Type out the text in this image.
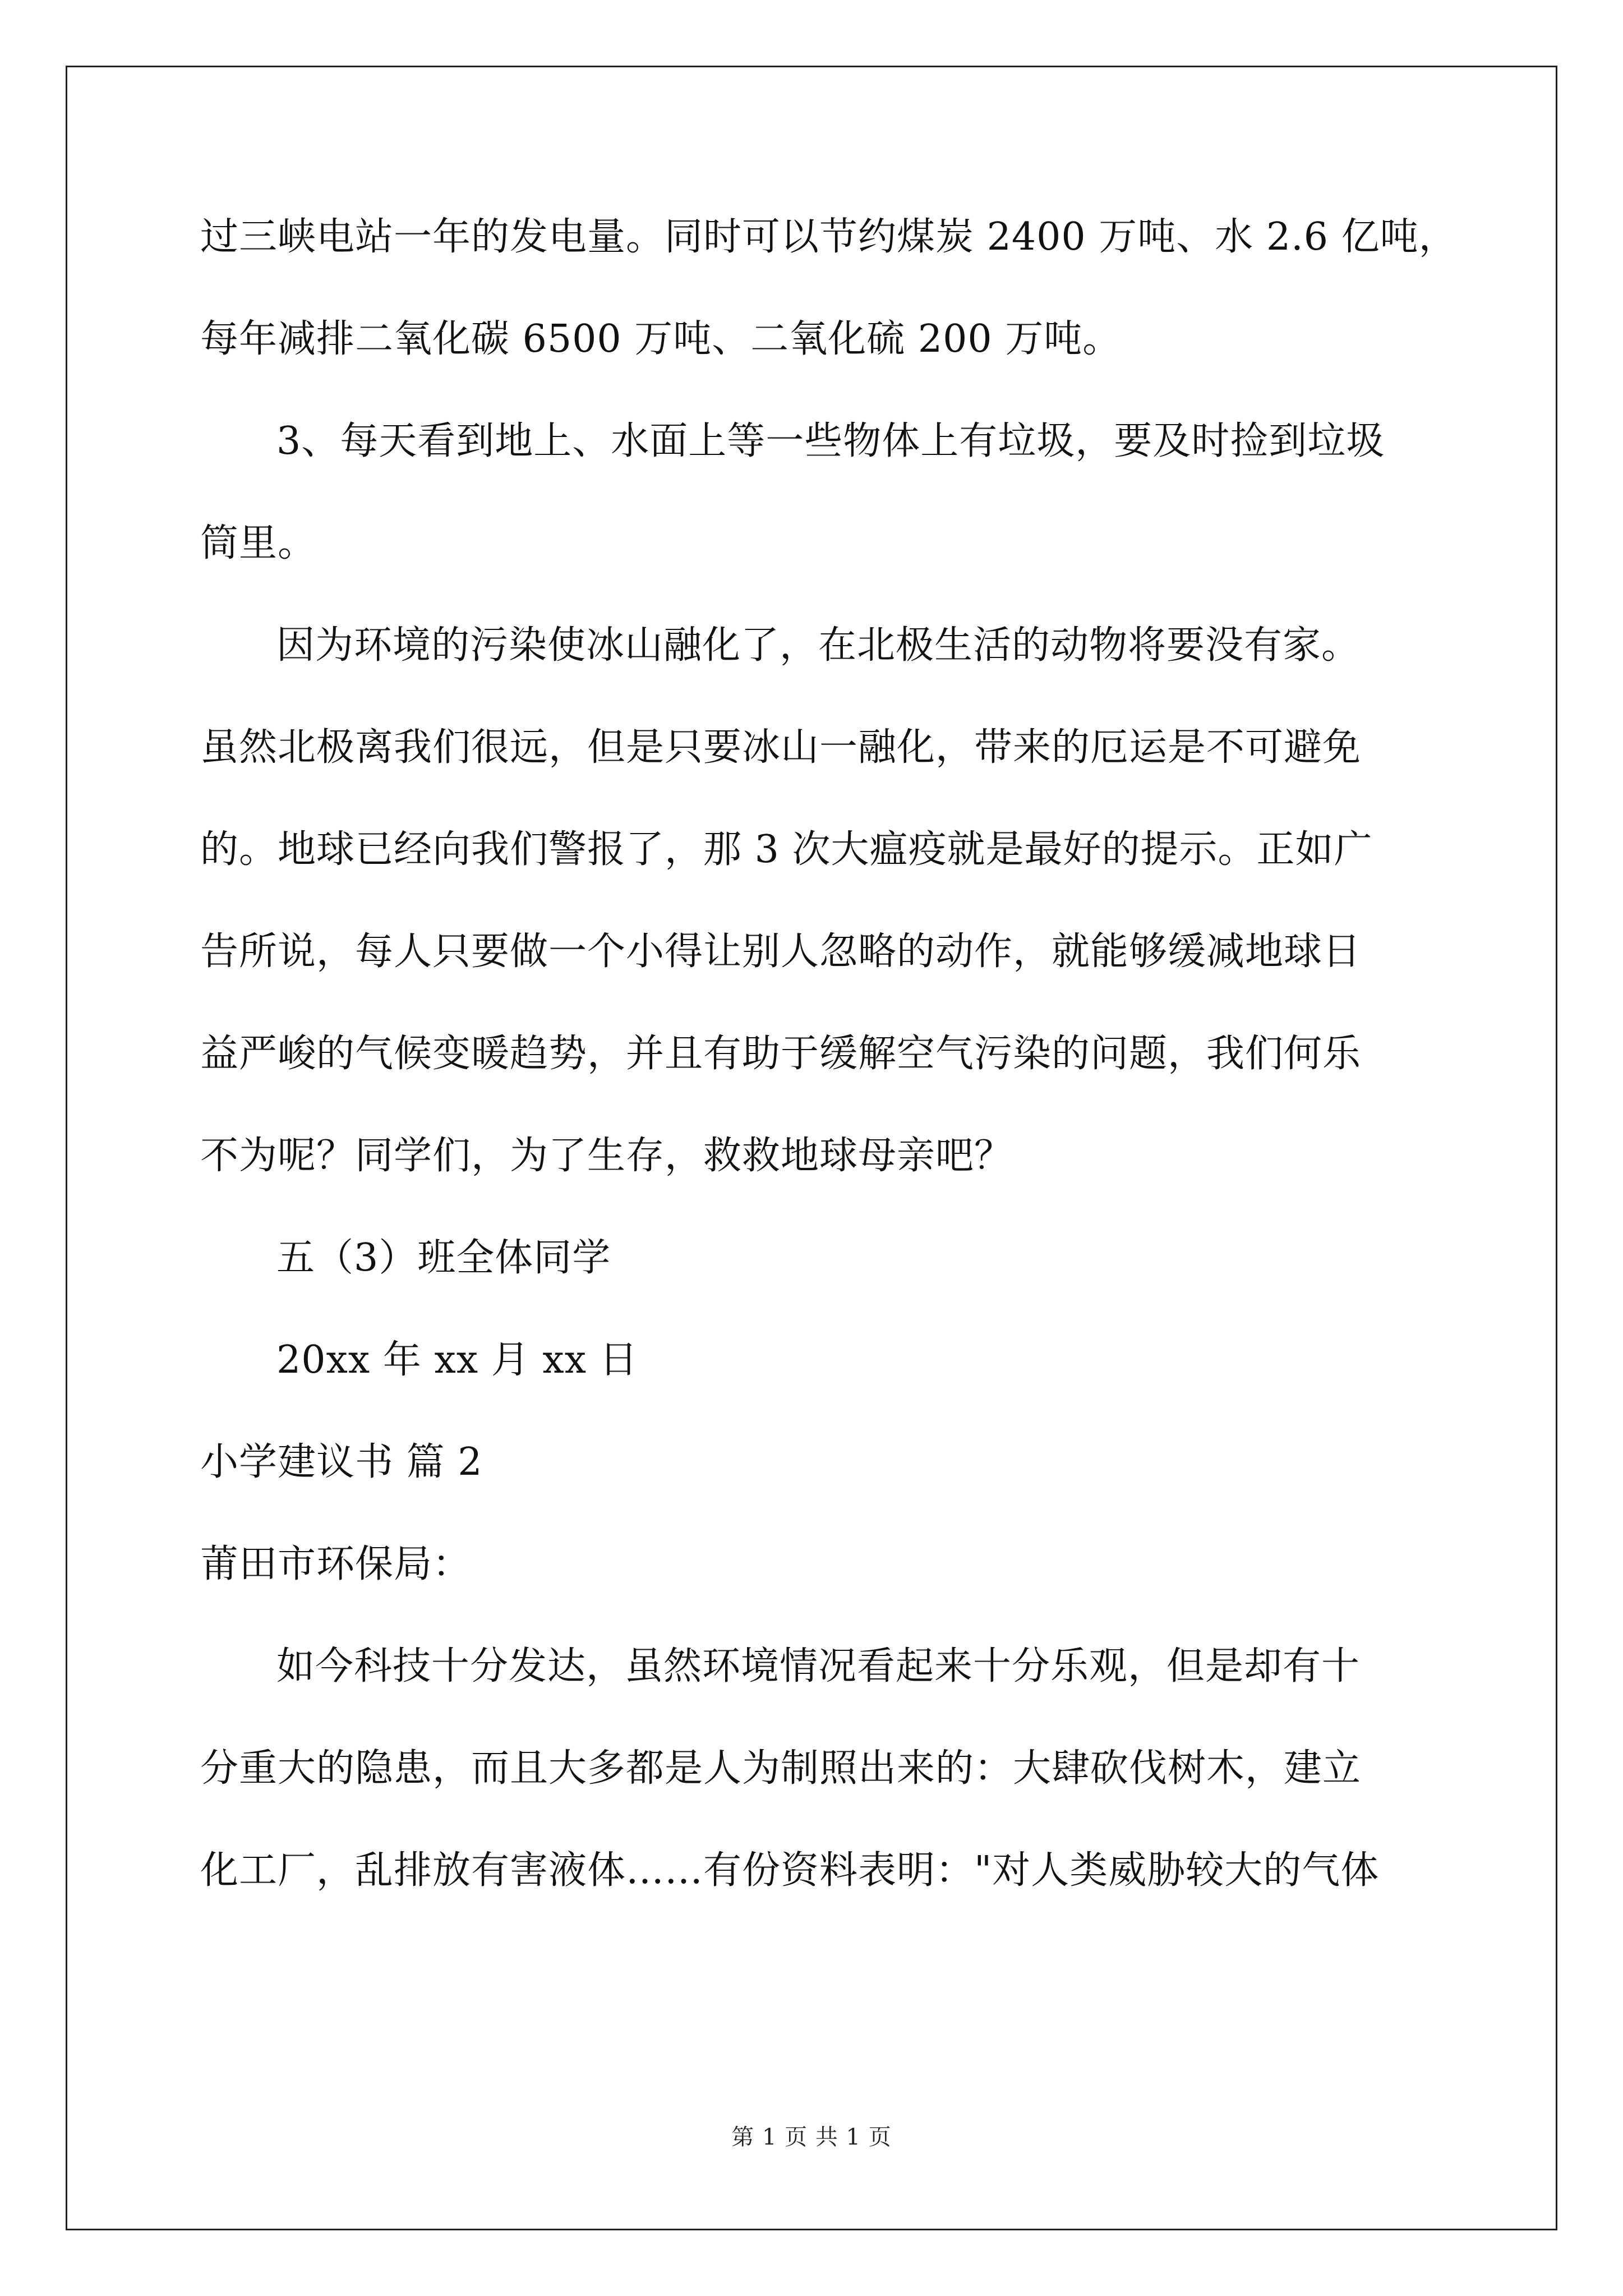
过三峡电站一年的发电量。同时可以节约煤炭 2400 万吨、水 2.6 亿吨，
每年减排二氧化碳 6500 万吨、二氧化硫 200 万吨。
3、每天看到地上、水面上等一些物体上有垃圾，要及时捡到垃圾
筒里。
因为环境的污染使冰山融化了，在北极生活的动物将要没有家。
虽然北极离我们很远，但是只要冰山一融化，带来的厄运是不可避免
的。地球已经向我们警报了，那 3 次大瘟疫就是最好的提示。正如广
告所说，每人只要做一个小得让别人忽略的动作，就能够缓减地球日
益严峻的气候变暖趋势，并且有助于缓解空气污染的问题，我们何乐
不为呢？同学们，为了生存，救救地球母亲吧？
五（3）班全体同学
20xx 年 xx 月 xx 日
小学建议书 篇 2
莆田市环保局：
如今科技十分发达，虽然环境情况看起来十分乐观，但是却有十
分重大的隐患，而且大多都是人为制照出来的：大肆砍伐树木，建立
化工厂，乱排放有害液体……有份资料表明："对人类威胁较大的气体
第 1 页 共 1 页
